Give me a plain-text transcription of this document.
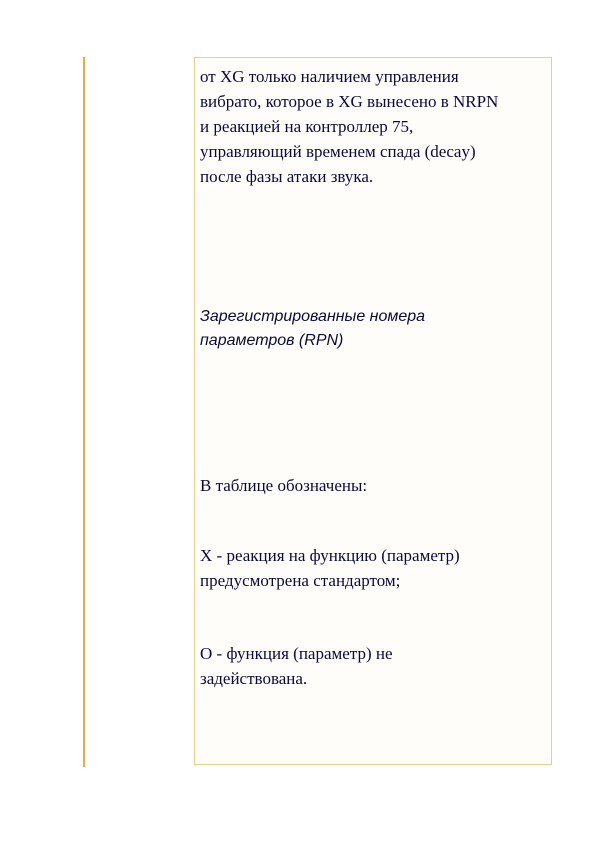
от XG только наличием управления
вибрато, которое в XG вынесено в NRPN
и реакцией на контроллер 75,
управляющий временем спада (decay)
после фазы атаки звука.

Зарегистрированные номера
параметров (RPN)

В таблице обозначены:

X - реакция на функцию (параметр)
предусмотрена стандартом;

O - функция (параметр) не
задействована.
